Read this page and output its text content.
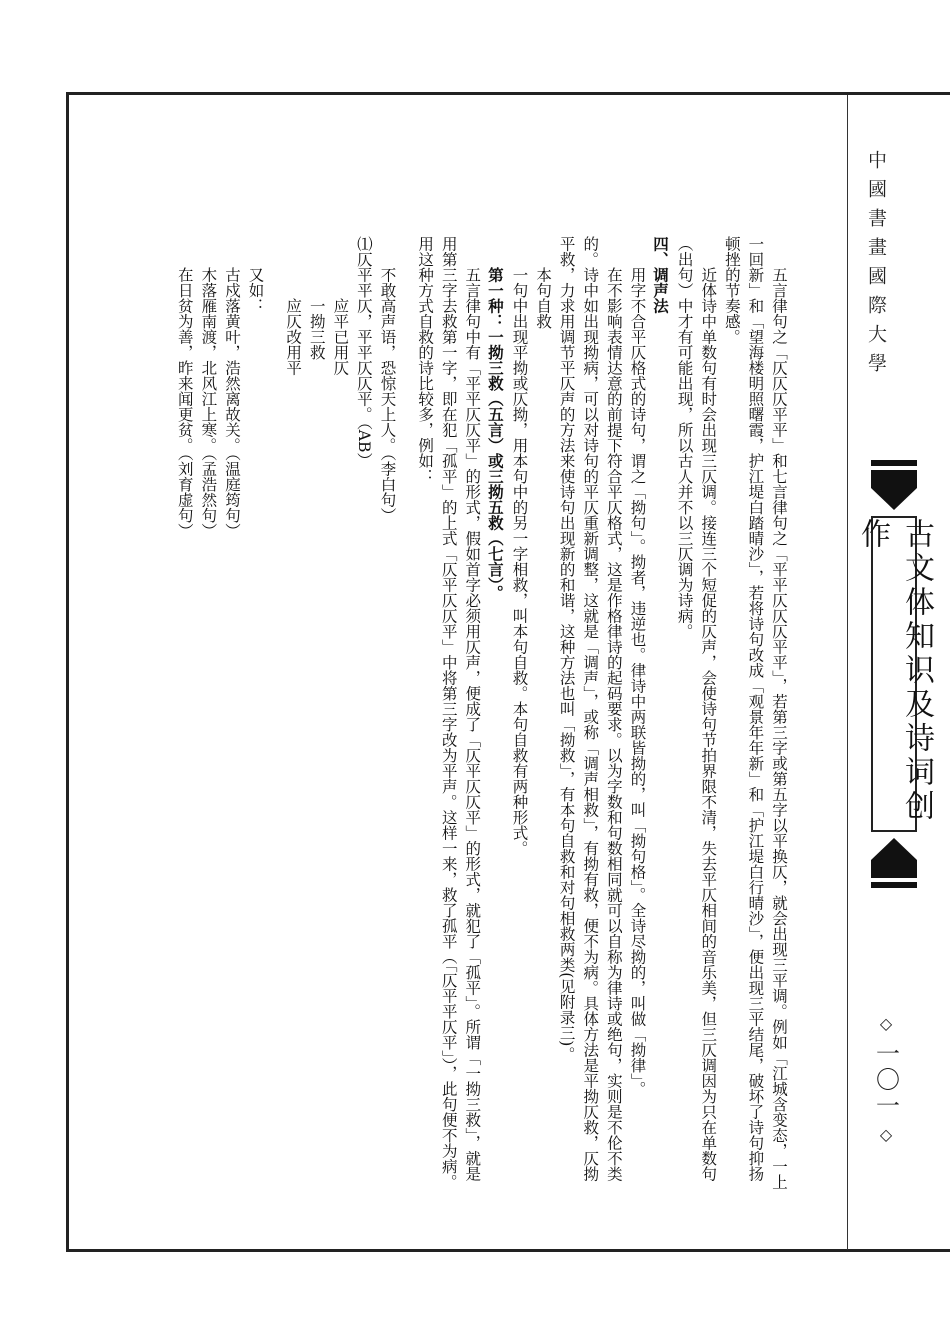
中國書畫國際大學
古文体知识及诗词创作
◇
一〇一
◇

五言律句之「仄仄仄平平」和七言律句之「平平仄仄仄平平」，若第三字或第五字以平换仄，就会出现三平调。例如「江城含变态，一上一回新」和「望海楼明照曙霞，护江堤白踏晴沙」，若将诗句改成「观景年年新」和「护江堤白行晴沙」，便出现三平结尾，破坏了诗句抑扬顿挫的节奏感。

近体诗中单数句有时会出现三仄调。接连三个短促的仄声，会使诗句节拍界限不清，失去平仄相间的音乐美，但三仄调因为只在单数句（出句）中才有可能出现，所以古人并不以三仄调为诗病。

四、调声法

用字不合平仄格式的诗句，谓之「拗句」。拗者，违逆也。律诗中两联皆拗的，叫「拗句格」。全诗尽拗的，叫做「拗律」。

在不影响表情达意的前提下符合平仄格式，这是作格律诗的起码要求。以为字数和句数相同就可以自称为律诗或绝句，实则是不伦不类的。诗中如出现拗病，可以对诗句的平仄重新调整，这就是「调声」，或称「调声相救」，有拗有救，便不为病。具体方法是平拗仄救，仄拗平救，力求用调节平仄声的方法来使诗句出现新的和谐，这种方法也叫「拗救」，有本句自救和对句相救两类(见附录三)。

本句自救

一句中出现平拗或仄拗，用本句中的另一字相救，叫本句自救。本句自救有两种形式。

第一种：一拗三救（五言）或三拗五救（七言）。

五言律句中有「平平仄仄平」的形式，假如首字必须用仄声，便成了「仄平仄仄平」的形式，就犯了「孤平」。所谓「一拗三救」，就是用第三字去救第一字，即在犯「孤平」的上式「仄平仄仄平」中将第三字改为平声。这样一来，救了孤平（「仄平平仄平」），此句便不为病。用这种方式自救的诗比较多，例如：

不敢高声语，恐惊天上人。（李白句）

⑴仄平平仄，平平仄仄平。（AB）

应平已用仄

一拗三救

应仄改用平

又如：

古戍落黄叶，浩然离故关。（温庭筠句）

木落雁南渡，北风江上寒。（孟浩然句）

在日贫为善，昨来闻更贫。（刘育虚句）
